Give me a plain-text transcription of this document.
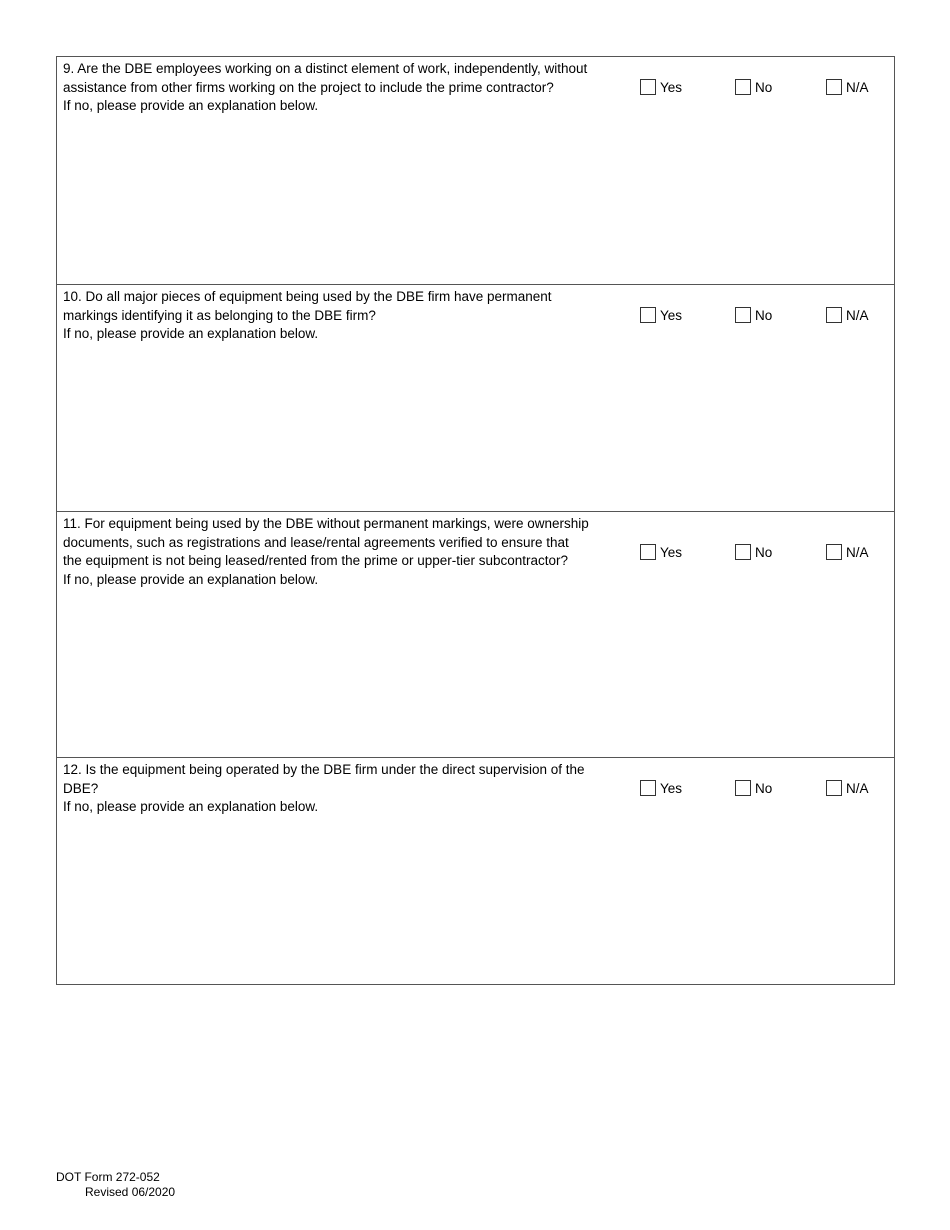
9. Are the DBE employees working on a distinct element of work, independently, without
assistance from other firms working on the project to include the prime contractor?
If no, please provide an explanation below.
Yes	No	N/A
10. Do all major pieces of equipment being used by the DBE firm have permanent
markings identifying it as belonging to the DBE firm?
If no, please provide an explanation below.
Yes	No	N/A
11. For equipment being used by the DBE without permanent markings, were ownership
documents, such as registrations and lease/rental agreements verified to ensure that
the equipment is not being leased/rented from the prime or upper-tier subcontractor?
If no, please provide an explanation below.
Yes	No	N/A
12. Is the equipment being operated by the DBE firm under the direct supervision of the
DBE?
If no, please provide an explanation below.
Yes	No	N/A
DOT Form 272-052
Revised 06/2020
